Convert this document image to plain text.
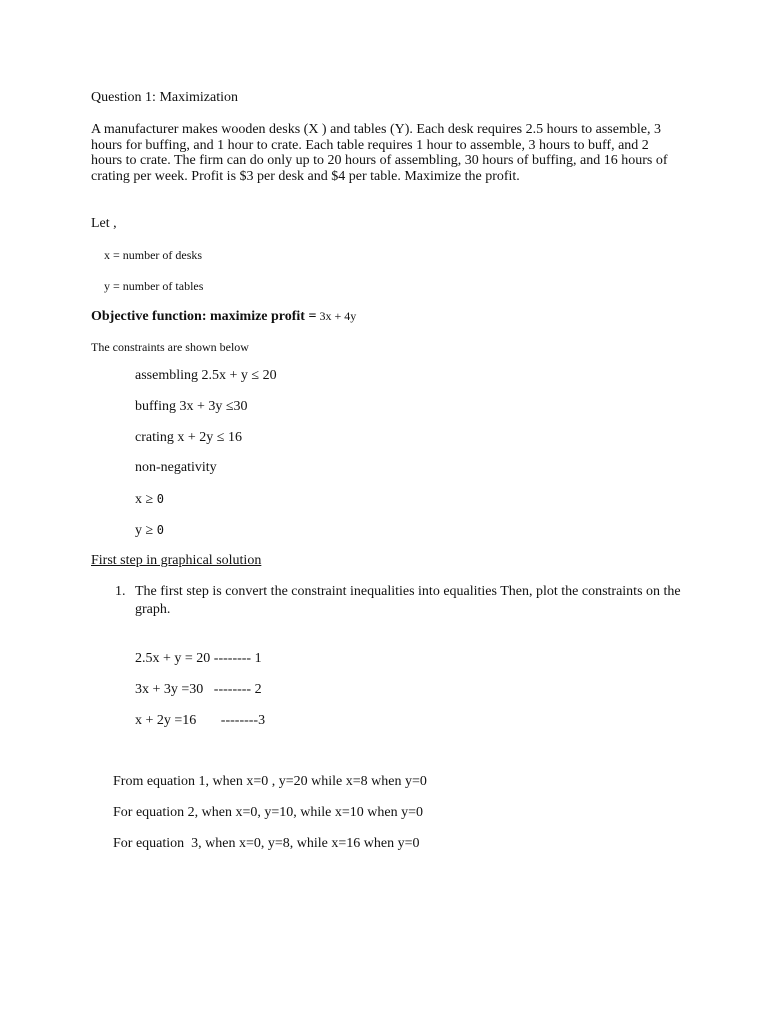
Question 1: Maximization
A manufacturer makes wooden desks (X ) and tables (Y). Each desk requires 2.5 hours to assemble, 3
hours for buffing, and 1 hour to crate. Each table requires 1 hour to assemble, 3 hours to buff, and 2
hours to crate. The firm can do only up to 20 hours of assembling, 30 hours of buffing, and 16 hours of
crating per week. Profit is $3 per desk and $4 per table. Maximize the profit.
Let ,
x = number of desks
y = number of tables
Objective function: maximize profit = 3x + 4y
The constraints are shown below
assembling 2.5x + y ≤ 20
buffing 3x + 3y ≤30
crating x + 2y ≤ 16
non-negativity
x ≥ 0
y ≥ 0
First step in graphical solution
1. The first step is convert the constraint inequalities into equalities Then, plot the constraints on the
graph.
2.5x + y = 20 -------- 1
3x + 3y =30   -------- 2
x + 2y =16       --------3
From equation 1, when x=0 , y=20 while x=8 when y=0
For equation 2, when x=0, y=10, while x=10 when y=0
For equation  3, when x=0, y=8, while x=16 when y=0
